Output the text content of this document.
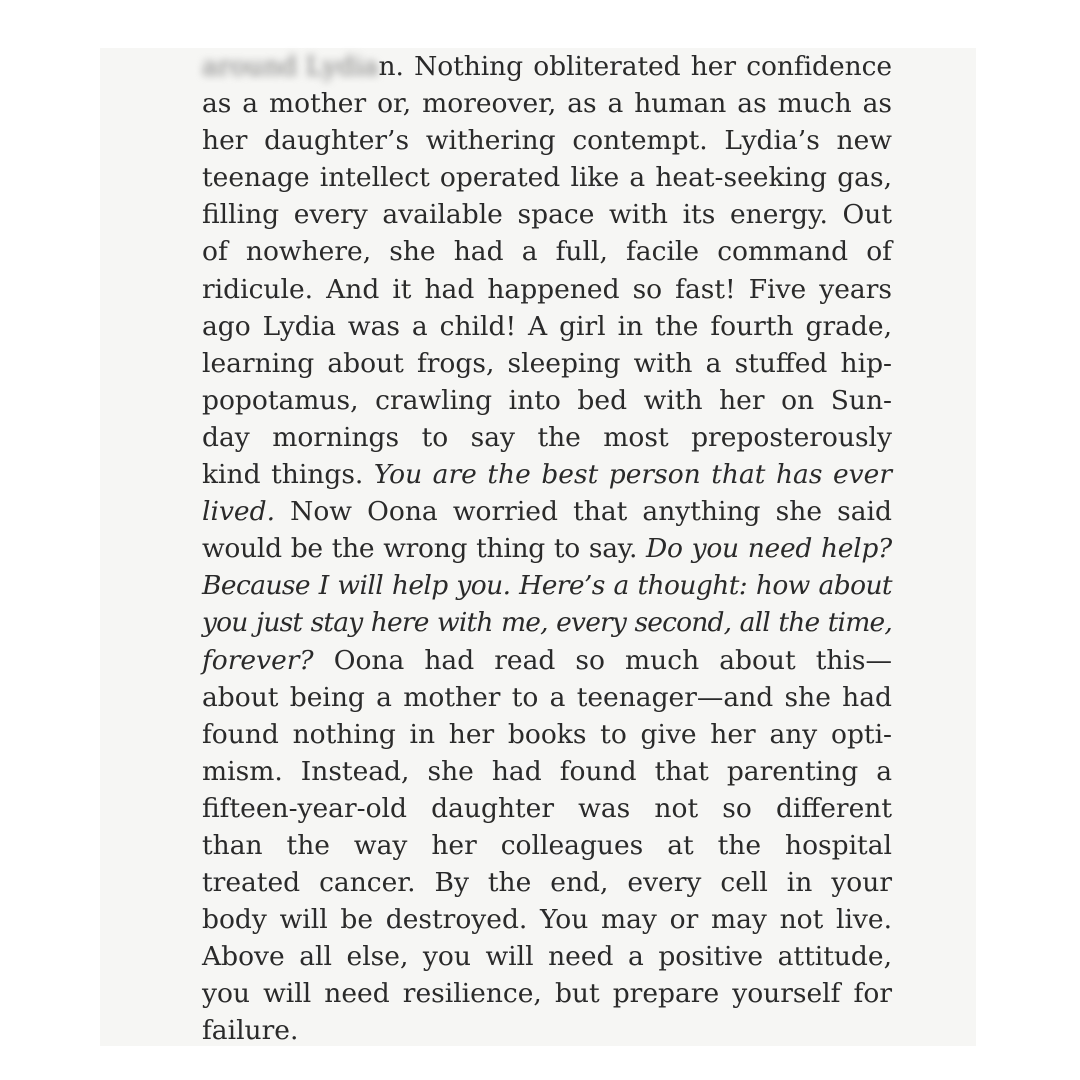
around Lydian. Nothing obliterated her confidence
as a mother or, moreover, as a human as much as
her daughter’s withering contempt. Lydia’s new
teenage intellect operated like a heat-seeking gas,
filling every available space with its energy. Out
of nowhere, she had a full, facile command of
ridicule. And it had happened so fast! Five years
ago Lydia was a child! A girl in the fourth grade,
learning about frogs, sleeping with a stuffed hip-
popotamus, crawling into bed with her on Sun-
day mornings to say the most preposterously
kind things. You are the best person that has ever
lived. Now Oona worried that anything she said
would be the wrong thing to say. Do you need help?
Because I will help you. Here’s a thought: how about
you just stay here with me, every second, all the time,
forever? Oona had read so much about this—
about being a mother to a teenager—and she had
found nothing in her books to give her any opti-
mism. Instead, she had found that parenting a
fifteen-year-old daughter was not so different
than the way her colleagues at the hospital
treated cancer. By the end, every cell in your
body will be destroyed. You may or may not live.
Above all else, you will need a positive attitude,
you will need resilience, but prepare yourself for
failure.
